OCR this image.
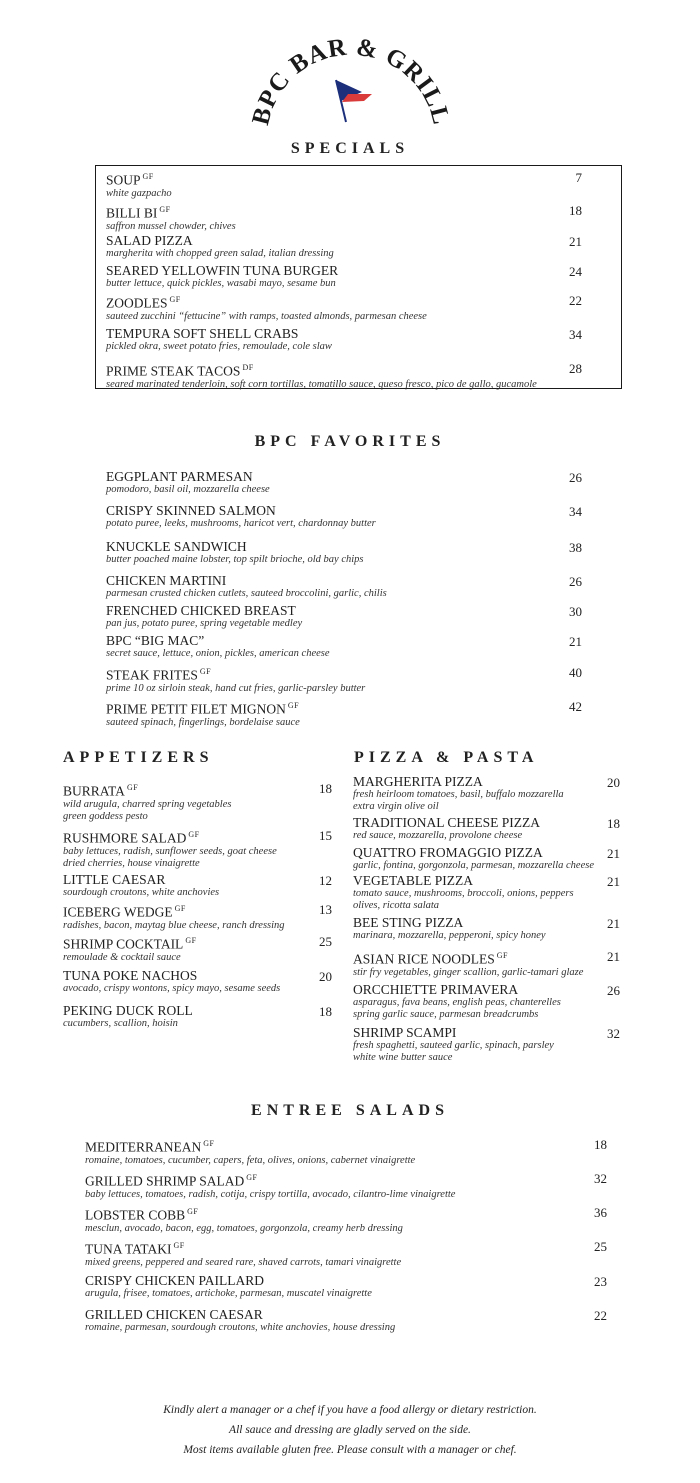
BPC BAR & GRILL
SPECIALS
SOUP $^{GF}$
white gazpacho
7
BILLI BI $^{GF}$
saffron mussel chowder, chives
18
SALAD PIZZA
margherita with chopped green salad, italian dressing
21
SEARED YELLOWFIN TUNA BURGER
butter lettuce, quick pickles, wasabi mayo, sesame bun
24
ZOODLES $^{GF}$
sauteed zucchini “fettucine” with ramps, toasted almonds, parmesan cheese
22
TEMPURA SOFT SHELL CRABS
pickled okra, sweet potato fries, remoulade, cole slaw
34
PRIME STEAK TACOS $^{DF}$
seared marinated tenderloin, soft corn tortillas, tomatillo sauce, queso fresco, pico de gallo, gucamole
28
BPC FAVORITES
EGGPLANT PARMESAN
pomodoro, basil oil, mozzarella cheese
26
CRISPY SKINNED SALMON
potato puree, leeks, mushrooms, haricot vert, chardonnay butter
34
KNUCKLE SANDWICH
butter poached maine lobster, top spilt brioche, old bay chips
38
CHICKEN MARTINI
parmesan crusted chicken cutlets, sauteed broccolini, garlic, chilis
26
FRENCHED CHICKED BREAST
pan jus, potato puree, spring vegetable medley
30
BPC “BIG MAC”
secret sauce, lettuce, onion, pickles, american cheese
21
STEAK FRITES $^{GF}$
prime 10 oz sirloin steak, hand cut fries, garlic-parsley butter
40
PRIME PETIT FILET MIGNON $^{GF}$
sauteed spinach, fingerlings, bordelaise sauce
42
APPETIZERS
BURRATA $^{GF}$
wild arugula, charred spring vegetables
green goddess pesto
18
RUSHMORE SALAD $^{GF}$
baby lettuces, radish, sunflower seeds, goat cheese
dried cherries, house vinaigrette
15
LITTLE CAESAR
sourdough croutons, white anchovies
12
ICEBERG WEDGE $^{GF}$
radishes, bacon, maytag blue cheese, ranch dressing
13
SHRIMP COCKTAIL $^{GF}$
remoulade & cocktail sauce
25
TUNA POKE NACHOS
avocado, crispy wontons, spicy mayo, sesame seeds
20
PEKING DUCK ROLL
cucumbers, scallion, hoisin
18
PIZZA & PASTA
MARGHERITA PIZZA
fresh heirloom tomatoes, basil, buffalo mozzarella
extra virgin olive oil
20
TRADITIONAL CHEESE PIZZA
red sauce, mozzarella, provolone cheese
18
QUATTRO FROMAGGIO PIZZA
garlic, fontina, gorgonzola, parmesan, mozzarella cheese
21
VEGETABLE PIZZA
tomato sauce, mushrooms, broccoli, onions, peppers
olives, ricotta salata
21
BEE STING PIZZA
marinara, mozzarella, pepperoni, spicy honey
21
ASIAN RICE NOODLES $^{GF}$
stir fry vegetables, ginger scallion, garlic-tamari glaze
21
ORCCHIETTE PRIMAVERA
asparagus, fava beans, english peas, chanterelles
spring garlic sauce, parmesan breadcrumbs
26
SHRIMP SCAMPI
fresh spaghetti, sauteed garlic, spinach, parsley
white wine butter sauce
32
ENTREE SALADS
MEDITERRANEAN $^{GF}$
romaine, tomatoes, cucumber, capers, feta, olives, onions, cabernet vinaigrette
18
GRILLED SHRIMP SALAD $^{GF}$
baby lettuces, tomatoes, radish, cotija, crispy tortilla, avocado, cilantro-lime vinaigrette
32
LOBSTER COBB $^{GF}$
mesclun, avocado, bacon, egg, tomatoes, gorgonzola, creamy herb dressing
36
TUNA TATAKI $^{GF}$
mixed greens, peppered and seared rare, shaved carrots, tamari vinaigrette
25
CRISPY CHICKEN PAILLARD
arugula, frisee, tomatoes, artichoke, parmesan, muscatel vinaigrette
23
GRILLED CHICKEN CAESAR
romaine, parmesan, sourdough croutons, white anchovies, house dressing
22
Kindly alert a manager or a chef if you have a food allergy or dietary restriction.
All sauce and dressing are gladly served on the side.
Most items available gluten free. Please consult with a manager or chef.
